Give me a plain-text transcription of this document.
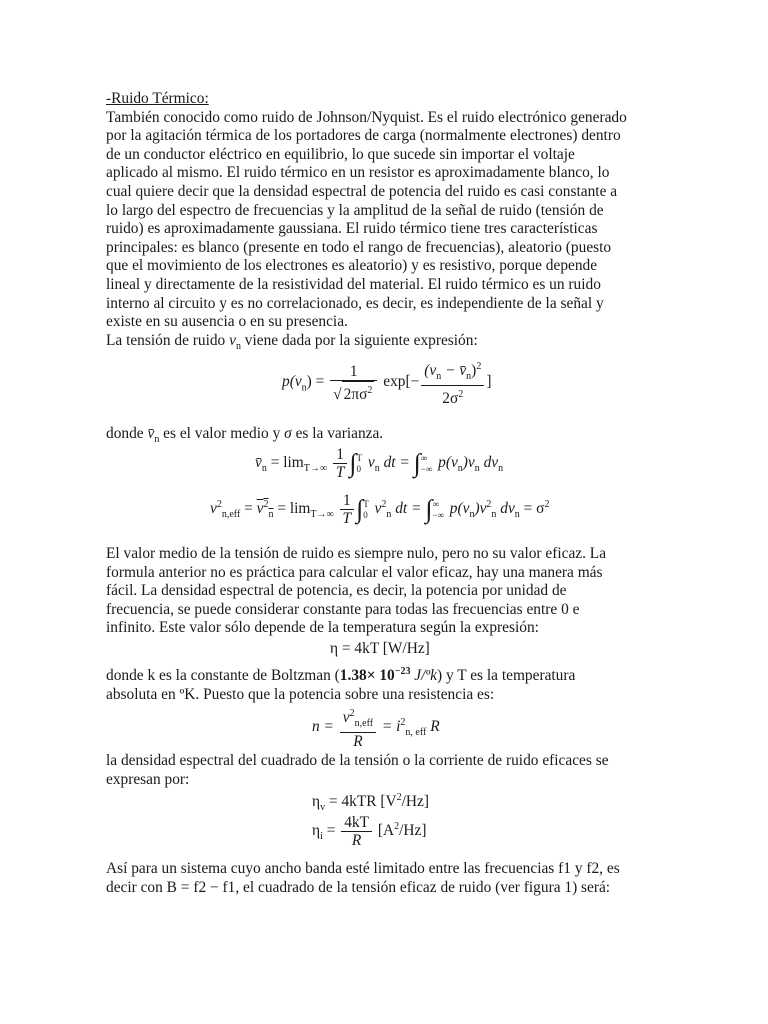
-Ruido Térmico:

También conocido como ruido de Johnson/Nyquist. Es el ruido electrónico generado
por la agitación térmica de los portadores de carga (normalmente electrones) dentro
de un conductor eléctrico en equilibrio, lo que sucede sin importar el voltaje
aplicado al mismo. El ruido térmico en un resistor es aproximadamente blanco, lo
cual quiere decir que la densidad espectral de potencia del ruido es casi constante a
lo largo del espectro de frecuencias y la amplitud de la señal de ruido (tensión de
ruido) es aproximadamente gaussiana. El ruido térmico tiene tres características
principales: es blanco (presente en todo el rango de frecuencias), aleatorio (puesto
que el movimiento de los electrones es aleatorio) y es resistivo, porque depende
lineal y directamente de la resistividad del material. El ruido térmico es un ruido
interno al circuito y es no correlacionado, es decir, es independiente de la señal y
existe en su ausencia o en su presencia.

La tensión de ruido $v_n$ viene dada por la siguiente expresión:
$p(v_n) = \frac{1}{√ 2\pi\sigma^2} \exp[- \frac{(v_n - v̄_n)^2}{2\sigma^2}$ ]
donde $v̄_n$ es el valor medio y σ es la varianza.
$v̄_n = \lim_{T\to\infty} \frac{1}{T}$ ∫ T
0 $v_n$ dt = ∫ ∞
−∞ $p(v_n)v_n$ $dv_n$
$v^2_{n,eff} = v^2_n = \lim_{T\to\infty} \frac{1}{T}$ ∫ T
0 $v^2_n$ dt = ∫ ∞
−∞ $p(v_n)v^2_n$ $dv_n = \sigma^2$
El valor medio de la tensión de ruido es siempre nulo, pero no su valor eficaz. La
formula anterior no es práctica para calcular el valor eficaz, hay una manera más
fácil. La densidad espectral de potencia, es decir, la potencia por unidad de
frecuencia, se puede considerar constante para todas las frecuencias entre 0 e
infinito. Este valor sólo depende de la temperatura según la expresión:
η = 4kT [W/Hz]
donde k es la constante de Boltzman ($1.38\times 10^{-23}$ J/ºk) y T es la temperatura
absoluta en ºK. Puesto que la potencia sobre una resistencia es:
$n = \frac{v^2_{n,eff}}{R} = i^2_{n, eff}$ R
la densidad espectral del cuadrado de la tensión o la corriente de ruido eficaces se
expresan por:
$\eta_v = 4kTR$ $[V^2/Hz]$
$\eta_i = \frac{4kT}{R} [A^2/Hz]$
Así para un sistema cuyo ancho banda esté limitado entre las frecuencias f1 y f2, es
decir con B = f2 − f1, el cuadrado de la tensión eficaz de ruido (ver figura 1) será:
